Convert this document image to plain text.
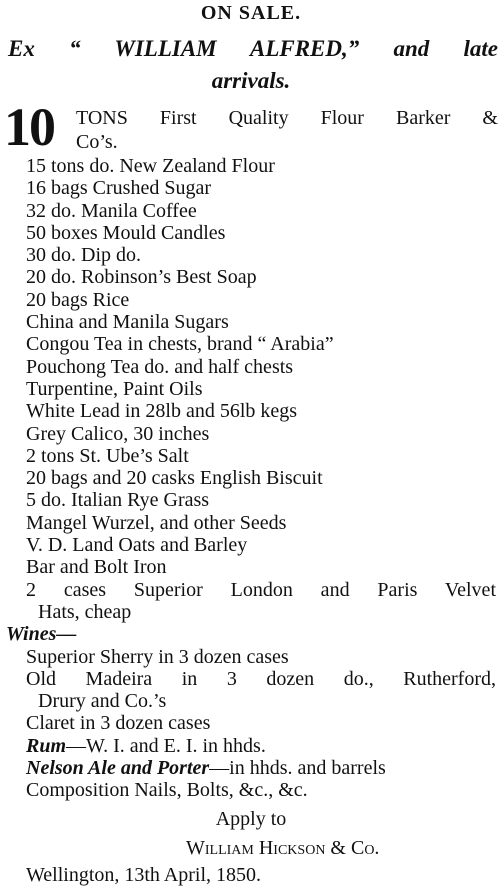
ON SALE.
Ex “ WILLIAM ALFRED,” and late
arrivals.
10 TONS First Quality Flour Barker &
Co’s.
15 tons do. New Zealand Flour
16 bags Crushed Sugar
32 do. Manila Coffee
50 boxes Mould Candles
30 do. Dip do.
20 do. Robinson’s Best Soap
20 bags Rice
China and Manila Sugars
Congou Tea in chests, brand “ Arabia”
Pouchong Tea do. and half chests
Turpentine, Paint Oils
White Lead in 28lb and 56lb kegs
Grey Calico, 30 inches
2 tons St. Ube’s Salt
20 bags and 20 casks English Biscuit
5 do. Italian Rye Grass
Mangel Wurzel, and other Seeds
V. D. Land Oats and Barley
Bar and Bolt Iron
2 cases Superior London and Paris Velvet
Hats, cheap
Wines—
Superior Sherry in 3 dozen cases
Old Madeira in 3 dozen do., Rutherford,
Drury and Co.’s
Claret in 3 dozen cases
Rum—W. I. and E. I. in hhds.
Nelson Ale and Porter—in hhds. and barrels
Composition Nails, Bolts, &c., &c.
Apply to
William Hickson & Co.
Wellington, 13th April, 1850.
